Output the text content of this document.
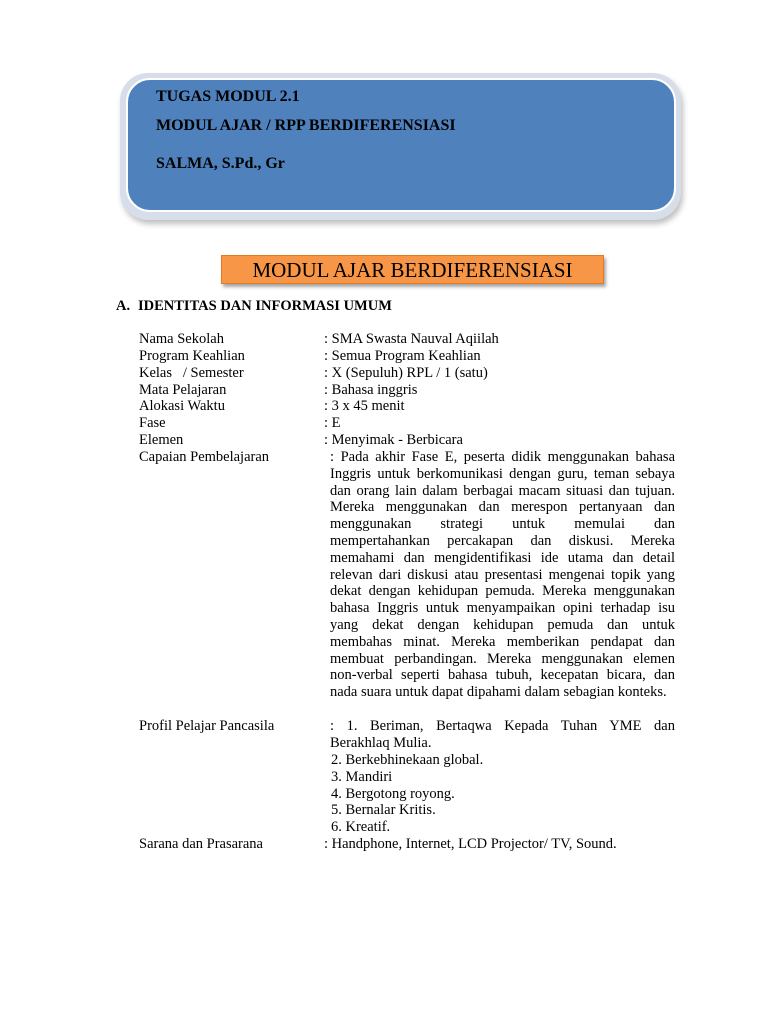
TUGAS MODUL 2.1
MODUL AJAR / RPP BERDIFERENSIASI
SALMA, S.Pd., Gr
MODUL AJAR BERDIFERENSIASI
A. IDENTITAS DAN INFORMASI UMUM
Nama Sekolah	: SMA Swasta Nauval Aqiilah
Program Keahlian	: Semua Program Keahlian
Kelas   / Semester	: X (Sepuluh) RPL / 1 (satu)
Mata Pelajaran	: Bahasa inggris
Alokasi Waktu	: 3 x 45 menit
Fase	: E
Elemen	: Menyimak - Berbicara
Capaian Pembelajaran	: Pada akhir Fase E, peserta didik menggunakan bahasa Inggris untuk berkomunikasi dengan guru, teman sebaya dan orang lain dalam berbagai macam situasi dan tujuan. Mereka menggunakan dan merespon pertanyaan dan menggunakan strategi untuk memulai dan mempertahankan percakapan dan diskusi. Mereka memahami dan mengidentifikasi ide utama dan detail relevan dari diskusi atau presentasi mengenai topik yang dekat dengan kehidupan pemuda. Mereka menggunakan bahasa Inggris untuk menyampaikan opini terhadap isu yang dekat dengan kehidupan pemuda dan untuk membahas minat. Mereka memberikan pendapat dan membuat perbandingan. Mereka menggunakan elemen non-verbal seperti bahasa tubuh, kecepatan bicara, dan nada suara untuk dapat dipahami dalam sebagian konteks.
Profil Pelajar Pancasila	: 1. Beriman, Bertaqwa Kepada Tuhan YME dan Berakhlaq Mulia.
2. Berkebhinekaan global.
3. Mandiri
4. Bergotong royong.
5. Bernalar Kritis.
6. Kreatif.
Sarana dan Prasarana	: Handphone, Internet, LCD Projector/ TV, Sound.
